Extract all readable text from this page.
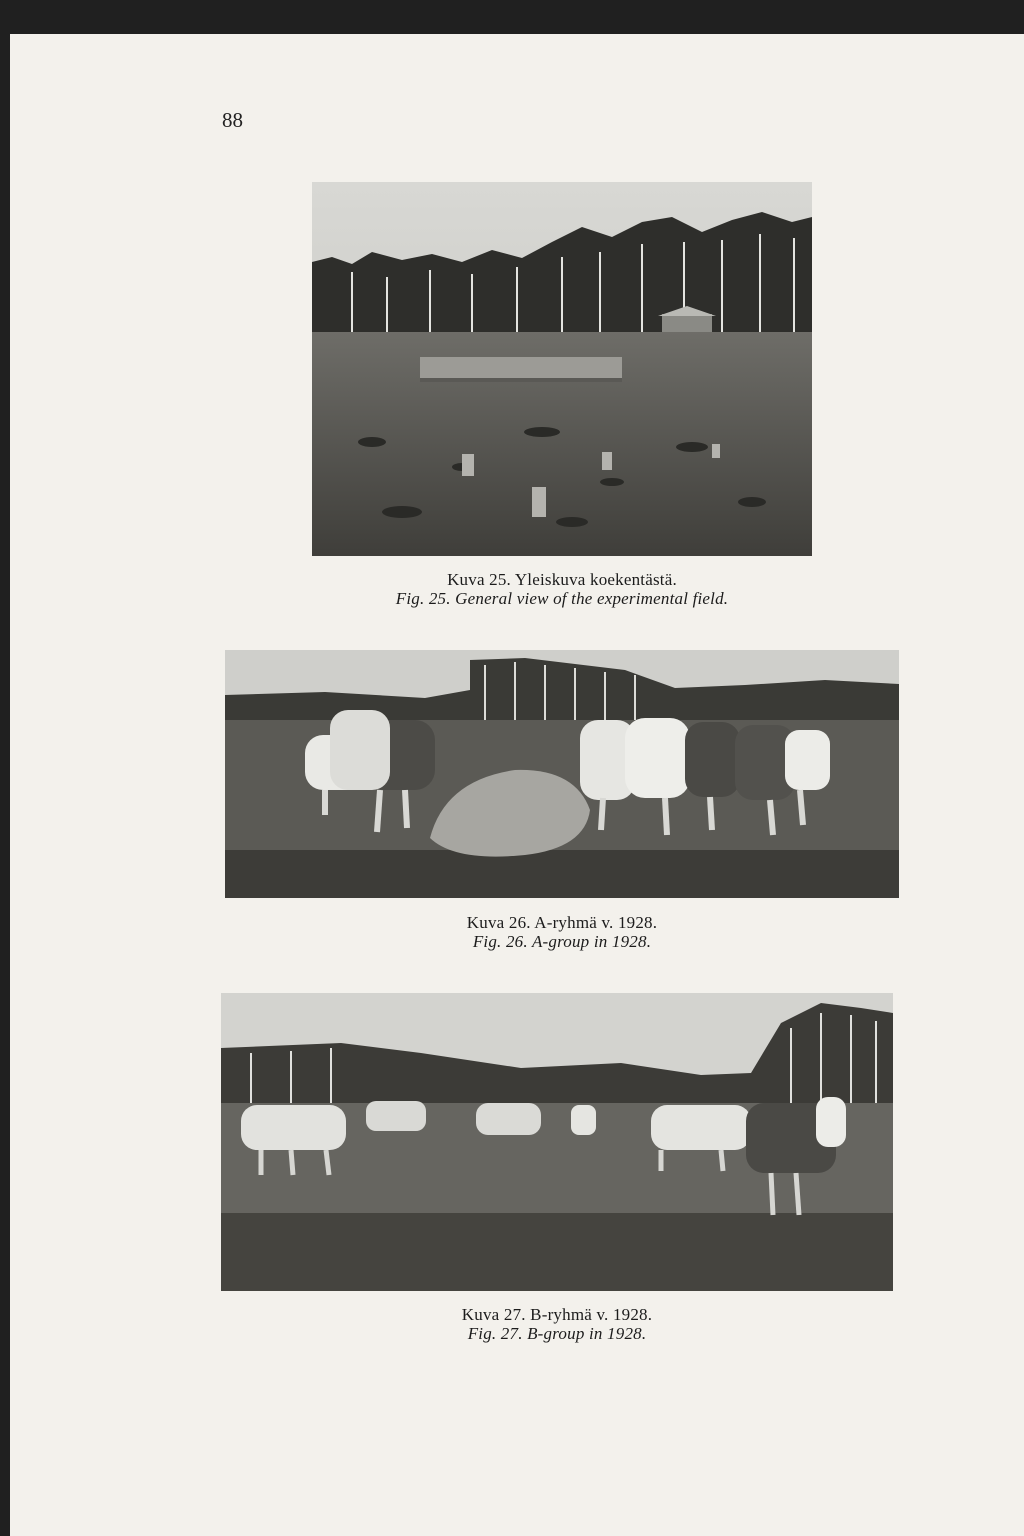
88
Kuva 25. Yleiskuva koekentästä.
Fig. 25. General view of the experimental field.
Kuva 26. A-ryhmä v. 1928.
Fig. 26. A-group in 1928.
Kuva 27. B-ryhmä v. 1928.
Fig. 27. B-group in 1928.
